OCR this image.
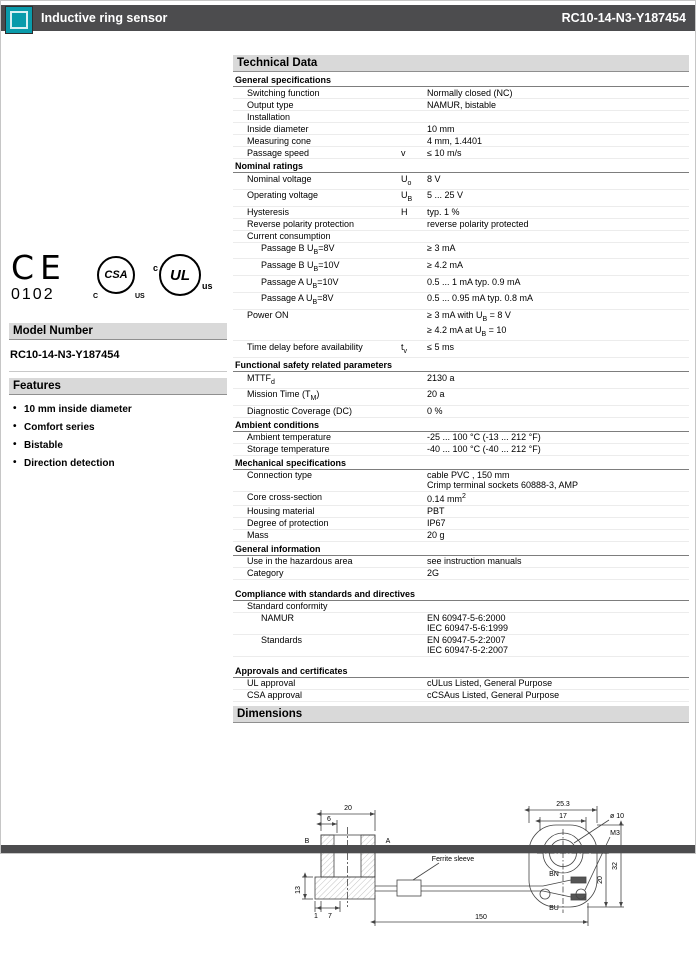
Inductive ring sensor	RC10-14-N3-Y187454
CE
0102
CSA
C	US
UL
c
us
Model Number
RC10-14-N3-Y187454
Features
• 10 mm inside diameter
• Comfort series
• Bistable
• Direction detection
Technical Data
General specifications
Switching function	Normally closed (NC)
Output type	NAMUR, bistable
Installation
Inside diameter	10 mm
Measuring cone	4 mm, 1.4401
Passage speed	v	≤ 10 m/s
Nominal ratings
Nominal voltage	$U_o$	8 V
Operating voltage	$U_B$	5 ... 25 V
Hysteresis	H	typ. 1 %
Reverse polarity protection	reverse polarity protected
Current consumption
Passage B $U_B=8V$	≥ 3 mA
Passage B $U_B=10V$	≥ 4.2 mA
Passage A $U_B=10V$	0.5 ... 1 mA typ. 0.9 mA
Passage A $U_B=8V$	0.5 ... 0.95 mA typ. 0.8 mA
Power ON	≥ 3 mA with $U_B = 8$ V
≥ 4.2 mA at $U_B = 10$
Time delay before availability	$t_v$	≤ 5 ms
Functional safety related parameters
$MTTF_d$	2130 a
Mission Time $(T_M)$	20 a
Diagnostic Coverage (DC)	0 %
Ambient conditions
Ambient temperature	-25 ... 100 °C (-13 ... 212 °F)
Storage temperature	-40 ... 100 °C (-40 ... 212 °F)
Mechanical specifications
Connection type	cable PVC , 150 mm
Crimp terminal sockets 60888-3, AMP
Core cross-section	0.14 $mm^2$
Housing material	PBT
Degree of protection	IP67
Mass	20 g
General information
Use in the hazardous area	see instruction manuals
Category	2G
Compliance with standards and directives
Standard conformity
NAMUR	EN 60947-5-6:2000
IEC 60947-5-6:1999
Standards	EN 60947-5-2:2007
IEC 60947-5-2:2007
Approvals and certificates
UL approval	cULus Listed, General Purpose
CSA approval	cCSAus Listed, General Purpose
Dimensions
20
6
B	A
13
1 7
Ferrite sleeve
BN
BU
150
25.3
17	ø 10
M3
20
32
